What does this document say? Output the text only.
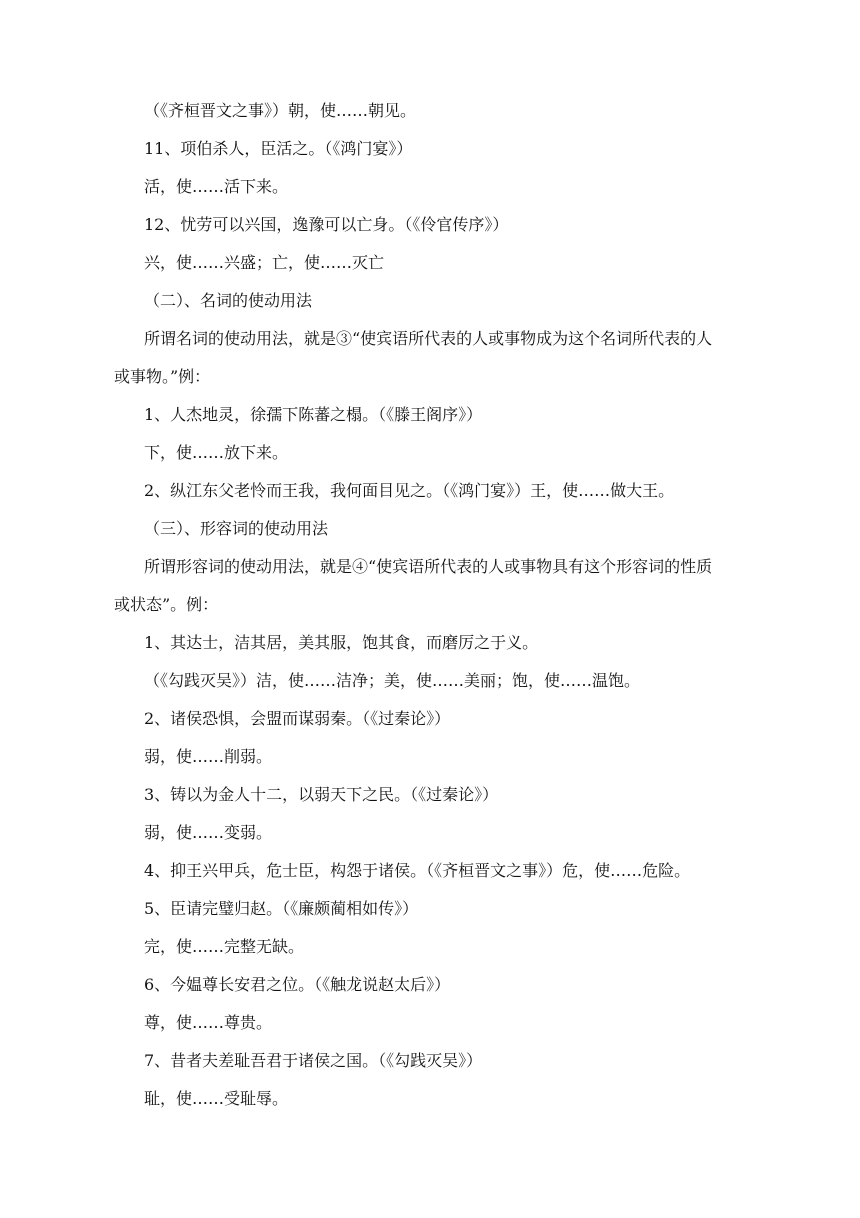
（《齐桓晋文之事》）朝，使……朝见。

11、项伯杀人，臣活之。（《鸿门宴》）

活，使……活下来。

12、忧劳可以兴国，逸豫可以亡身。（《伶官传序》）

兴，使……兴盛；亡，使……灭亡

（二）、名词的使动用法

所谓名词的使动用法，就是③“使宾语所代表的人或事物成为这个名词所代表的人

或事物。”例：

1、人杰地灵，徐孺下陈蕃之榻。（《滕王阁序》）

下，使……放下来。

2、纵江东父老怜而王我，我何面目见之。（《鸿门宴》）王，使……做大王。

（三）、形容词的使动用法

所谓形容词的使动用法，就是④“使宾语所代表的人或事物具有这个形容词的性质

或状态”。例：

1、其达士，洁其居，美其服，饱其食，而磨厉之于义。

（《勾践灭吴》）洁，使……洁净；美，使……美丽；饱，使……温饱。

2、诸侯恐惧，会盟而谋弱秦。（《过秦论》）

弱，使……削弱。

3、铸以为金人十二，以弱天下之民。（《过秦论》）

弱，使……变弱。

4、抑王兴甲兵，危士臣，构怨于诸侯。（《齐桓晋文之事》）危，使……危险。

5、臣请完璧归赵。（《廉颇蔺相如传》）

完，使……完整无缺。

6、今媪尊长安君之位。（《触龙说赵太后》）

尊，使……尊贵。

7、昔者夫差耻吾君于诸侯之国。（《勾践灭吴》）

耻，使……受耻辱。
